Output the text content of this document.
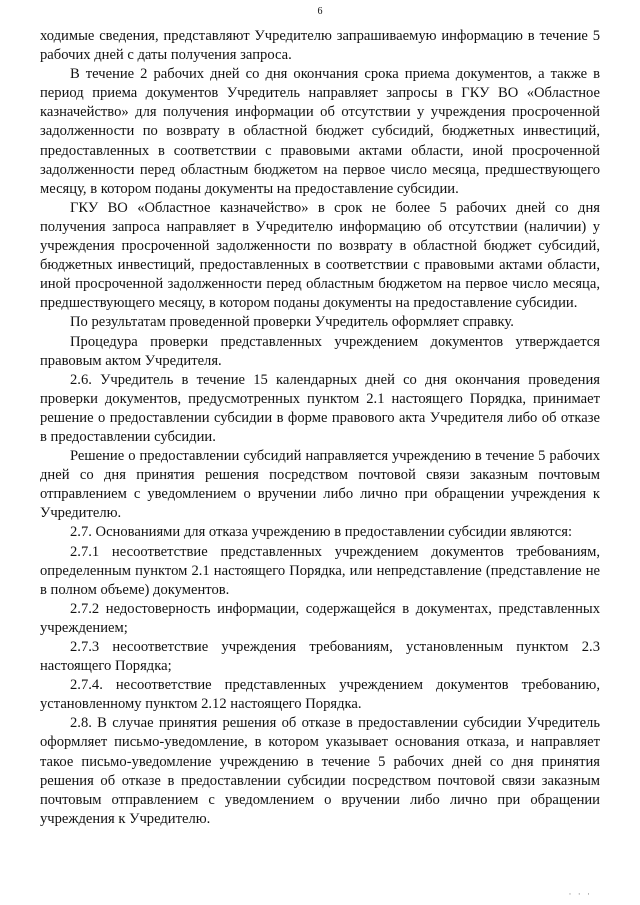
6

ходимые сведения, представляют Учредителю запрашиваемую информацию в течение 5 рабочих дней с даты получения запроса.

В течение 2 рабочих дней со дня окончания срока приема документов, а также в период приема документов Учредитель направляет запросы в ГКУ ВО «Областное казначейство» для получения информации об отсутствии у учреждения просроченной задолженности по возврату в областной бюджет субсидий, бюджетных инвестиций, предоставленных в соответствии с правовыми актами области, иной просроченной задолженности перед областным бюджетом на первое число месяца, предшествующего месяцу, в котором поданы документы на предоставление субсидии.

ГКУ ВО «Областное казначейство» в срок не более 5 рабочих дней со дня получения запроса направляет в Учредителю информацию об отсутствии (наличии) у учреждения просроченной задолженности по возврату в областной бюджет субсидий, бюджетных инвестиций, предоставленных в соответствии с правовыми актами области, иной просроченной задолженности перед областным бюджетом на первое число месяца, предшествующего месяцу, в котором поданы документы на предоставление субсидии.

По результатам проведенной проверки Учредитель оформляет справку.

Процедура проверки представленных учреждением документов утверждается правовым актом Учредителя.

2.6. Учредитель в течение 15 календарных дней со дня окончания проведения проверки документов, предусмотренных пунктом 2.1 настоящего Порядка, принимает решение о предоставлении субсидии в форме правового акта Учредителя либо об отказе в предоставлении субсидии.

Решение о предоставлении субсидий направляется учреждению в течение 5 рабочих дней со дня принятия решения посредством почтовой связи заказным почтовым отправлением с уведомлением о вручении либо лично при обращении учреждения к Учредителю.

2.7. Основаниями для отказа учреждению в предоставлении субсидии являются:

2.7.1 несоответствие представленных учреждением документов требованиям, определенным пунктом 2.1 настоящего Порядка, или непредставление (представление не в полном объеме) документов.

2.7.2 недостоверность информации, содержащейся в документах, представленных учреждением;

2.7.3 несоответствие учреждения требованиям, установленным пунктом 2.3 настоящего Порядка;

2.7.4. несоответствие представленных учреждением документов требованию, установленному пунктом 2.12 настоящего Порядка.

2.8. В случае принятия решения об отказе в предоставлении субсидии Учредитель оформляет письмо-уведомление, в котором указывает основания отказа, и направляет такое письмо-уведомление учреждению в течение 5 рабочих дней со дня принятия решения об отказе в предоставлении субсидии посредством почтовой связи заказным почтовым отправлением с уведомлением о вручении либо лично при обращении учреждения к Учредителю.

· · ·
